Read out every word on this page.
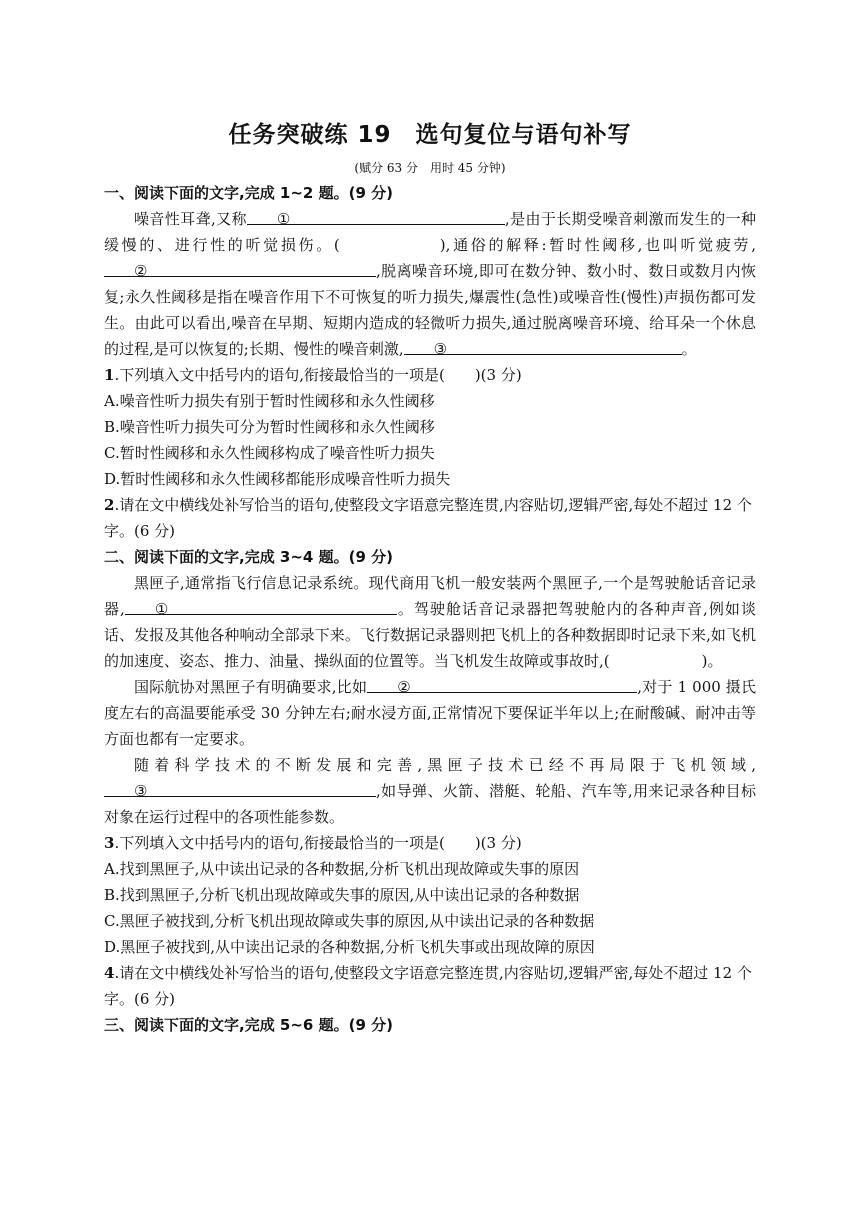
任务突破练 19　选句复位与语句补写
(赋分 63 分　用时 45 分钟)
一、阅读下面的文字,完成 1~2 题。(9 分)

噪音性耳聋,又称 ①	,是由于长期受噪音刺激而发生的一种缓慢的、进行性的听觉损伤。(	),通俗的解释:暂时性阈移,也叫听觉疲劳,②	,脱离噪音环境,即可在数分钟、数小时、数日或数月内恢复;永久性阈移是指在噪音作用下不可恢复的听力损失,爆震性(急性)或噪音性(慢性)声损伤都可发生。由此可以看出,噪音在早期、短期内造成的轻微听力损失,通过脱离噪音环境、给耳朵一个休息的过程,是可以恢复的;长期、慢性的噪音刺激, ③	。

1.下列填入文中括号内的语句,衔接最恰当的一项是(　　)(3 分)
A.噪音性听力损失有别于暂时性阈移和永久性阈移
B.噪音性听力损失可分为暂时性阈移和永久性阈移
C.暂时性阈移和永久性阈移构成了噪音性听力损失
D.暂时性阈移和永久性阈移都能形成噪音性听力损失
2.请在文中横线处补写恰当的语句,使整段文字语意完整连贯,内容贴切,逻辑严密,每处不超过 12 个字。(6 分)
二、阅读下面的文字,完成 3~4 题。(9 分)

黑匣子,通常指飞行信息记录系统。现代商用飞机一般安装两个黑匣子,一个是驾驶舱话音记录器, ①	。驾驶舱话音记录器把驾驶舱内的各种声音,例如谈话、发报及其他各种响动全部录下来。飞行数据记录器则把飞机上的各种数据即时记录下来,如飞机的加速度、姿态、推力、油量、操纵面的位置等。当飞机发生故障或事故时,(	)。

国际航协对黑匣子有明确要求,比如 ②	,对于 1 000 摄氏度左右的高温要能承受 30 分钟左右;耐水浸方面,正常情况下要保证半年以上;在耐酸碱、耐冲击等方面也都有一定要求。

随着科学技术的不断发展和完善,黑匣子技术已经不再局限于飞机领域,③	,如导弹、火箭、潜艇、轮船、汽车等,用来记录各种目标对象在运行过程中的各项性能参数。

3.下列填入文中括号内的语句,衔接最恰当的一项是(　　)(3 分)
A.找到黑匣子,从中读出记录的各种数据,分析飞机出现故障或失事的原因
B.找到黑匣子,分析飞机出现故障或失事的原因,从中读出记录的各种数据
C.黑匣子被找到,分析飞机出现故障或失事的原因,从中读出记录的各种数据
D.黑匣子被找到,从中读出记录的各种数据,分析飞机失事或出现故障的原因
4.请在文中横线处补写恰当的语句,使整段文字语意完整连贯,内容贴切,逻辑严密,每处不超过 12 个字。(6 分)
三、阅读下面的文字,完成 5~6 题。(9 分)
